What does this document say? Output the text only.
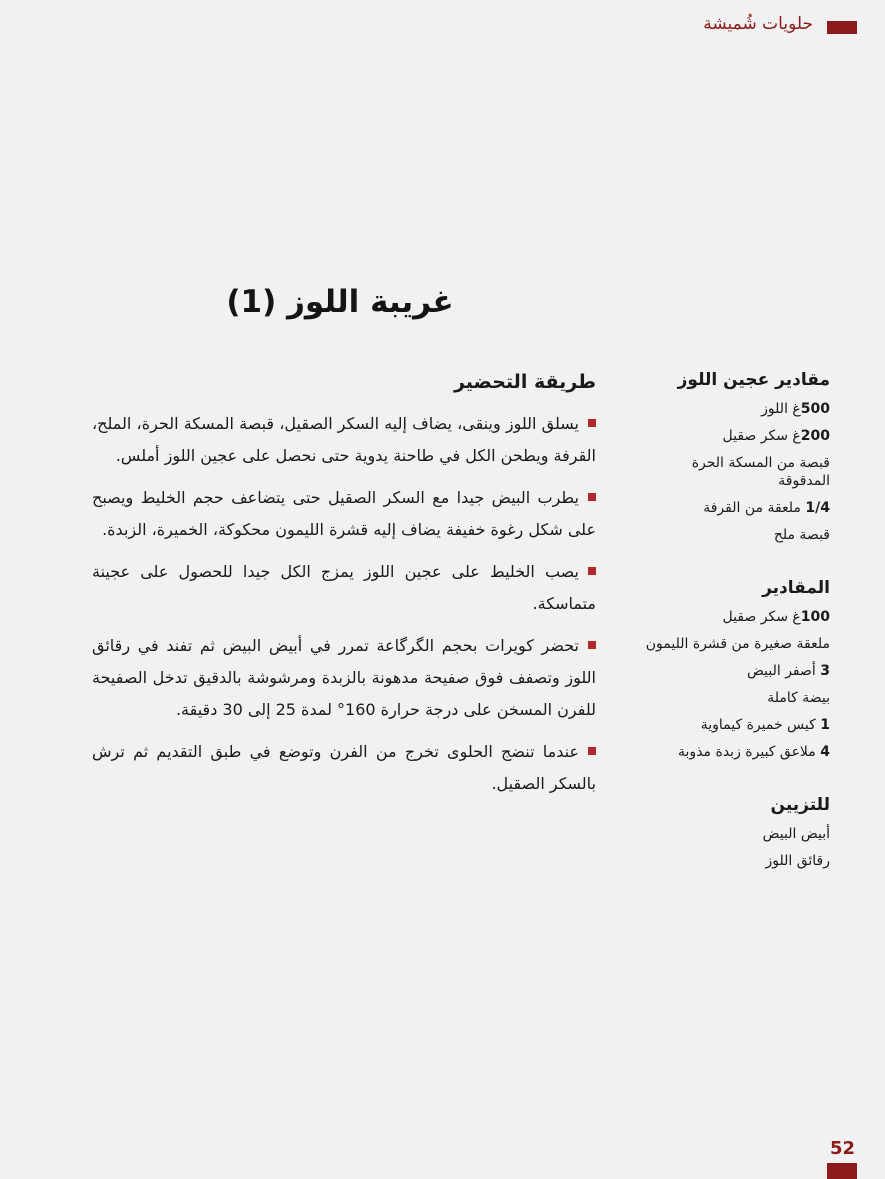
حلويات شُميشة
غريبة اللوز (1)
مقادير عجين اللوز
500غ اللوز
200غ سكر صقيل
قبصة من المسكة الحرة المدقوقة
1/4 ملعقة من القرفة
قبصة ملح
المقادير
100غ سكر صقيل
ملعقة صغيرة من قشرة الليمون
3 أصفر البيض
بيضة كاملة
1 كيس خميرة كيماوية
4 ملاعق كبيرة زبدة مذوبة
للتزيين
أبيض البيض
رقائق اللوز
طريقة التحضير
يسلق اللوز وينقى، يضاف إليه السكر الصقيل، قبصة المسكة الحرة، الملح، القرفة ويطحن الكل في طاحنة يدوية حتى نحصل على عجين اللوز أملس.
يطرب البيض جيدا مع السكر الصقيل حتى يتضاعف حجم الخليط ويصبح على شكل رغوة خفيفة يضاف إليه قشرة الليمون محكوكة، الخميرة، الزبدة.
يصب الخليط على عجين اللوز يمزج الكل جيدا للحصول على عجينة متماسكة.
تحضر كويرات بحجم الگرگاعة تمرر في أبيض البيض ثم تفند في رقائق اللوز وتصفف فوق صفيحة مدهونة بالزبدة ومرشوشة بالدقيق تدخل الصفيحة للفرن المسخن على درجة حرارة 160° لمدة 25 إلى 30 دقيقة.
عندما تنضج الحلوى تخرج من الفرن وتوضع في طبق التقديم ثم ترش بالسكر الصقيل.
52
